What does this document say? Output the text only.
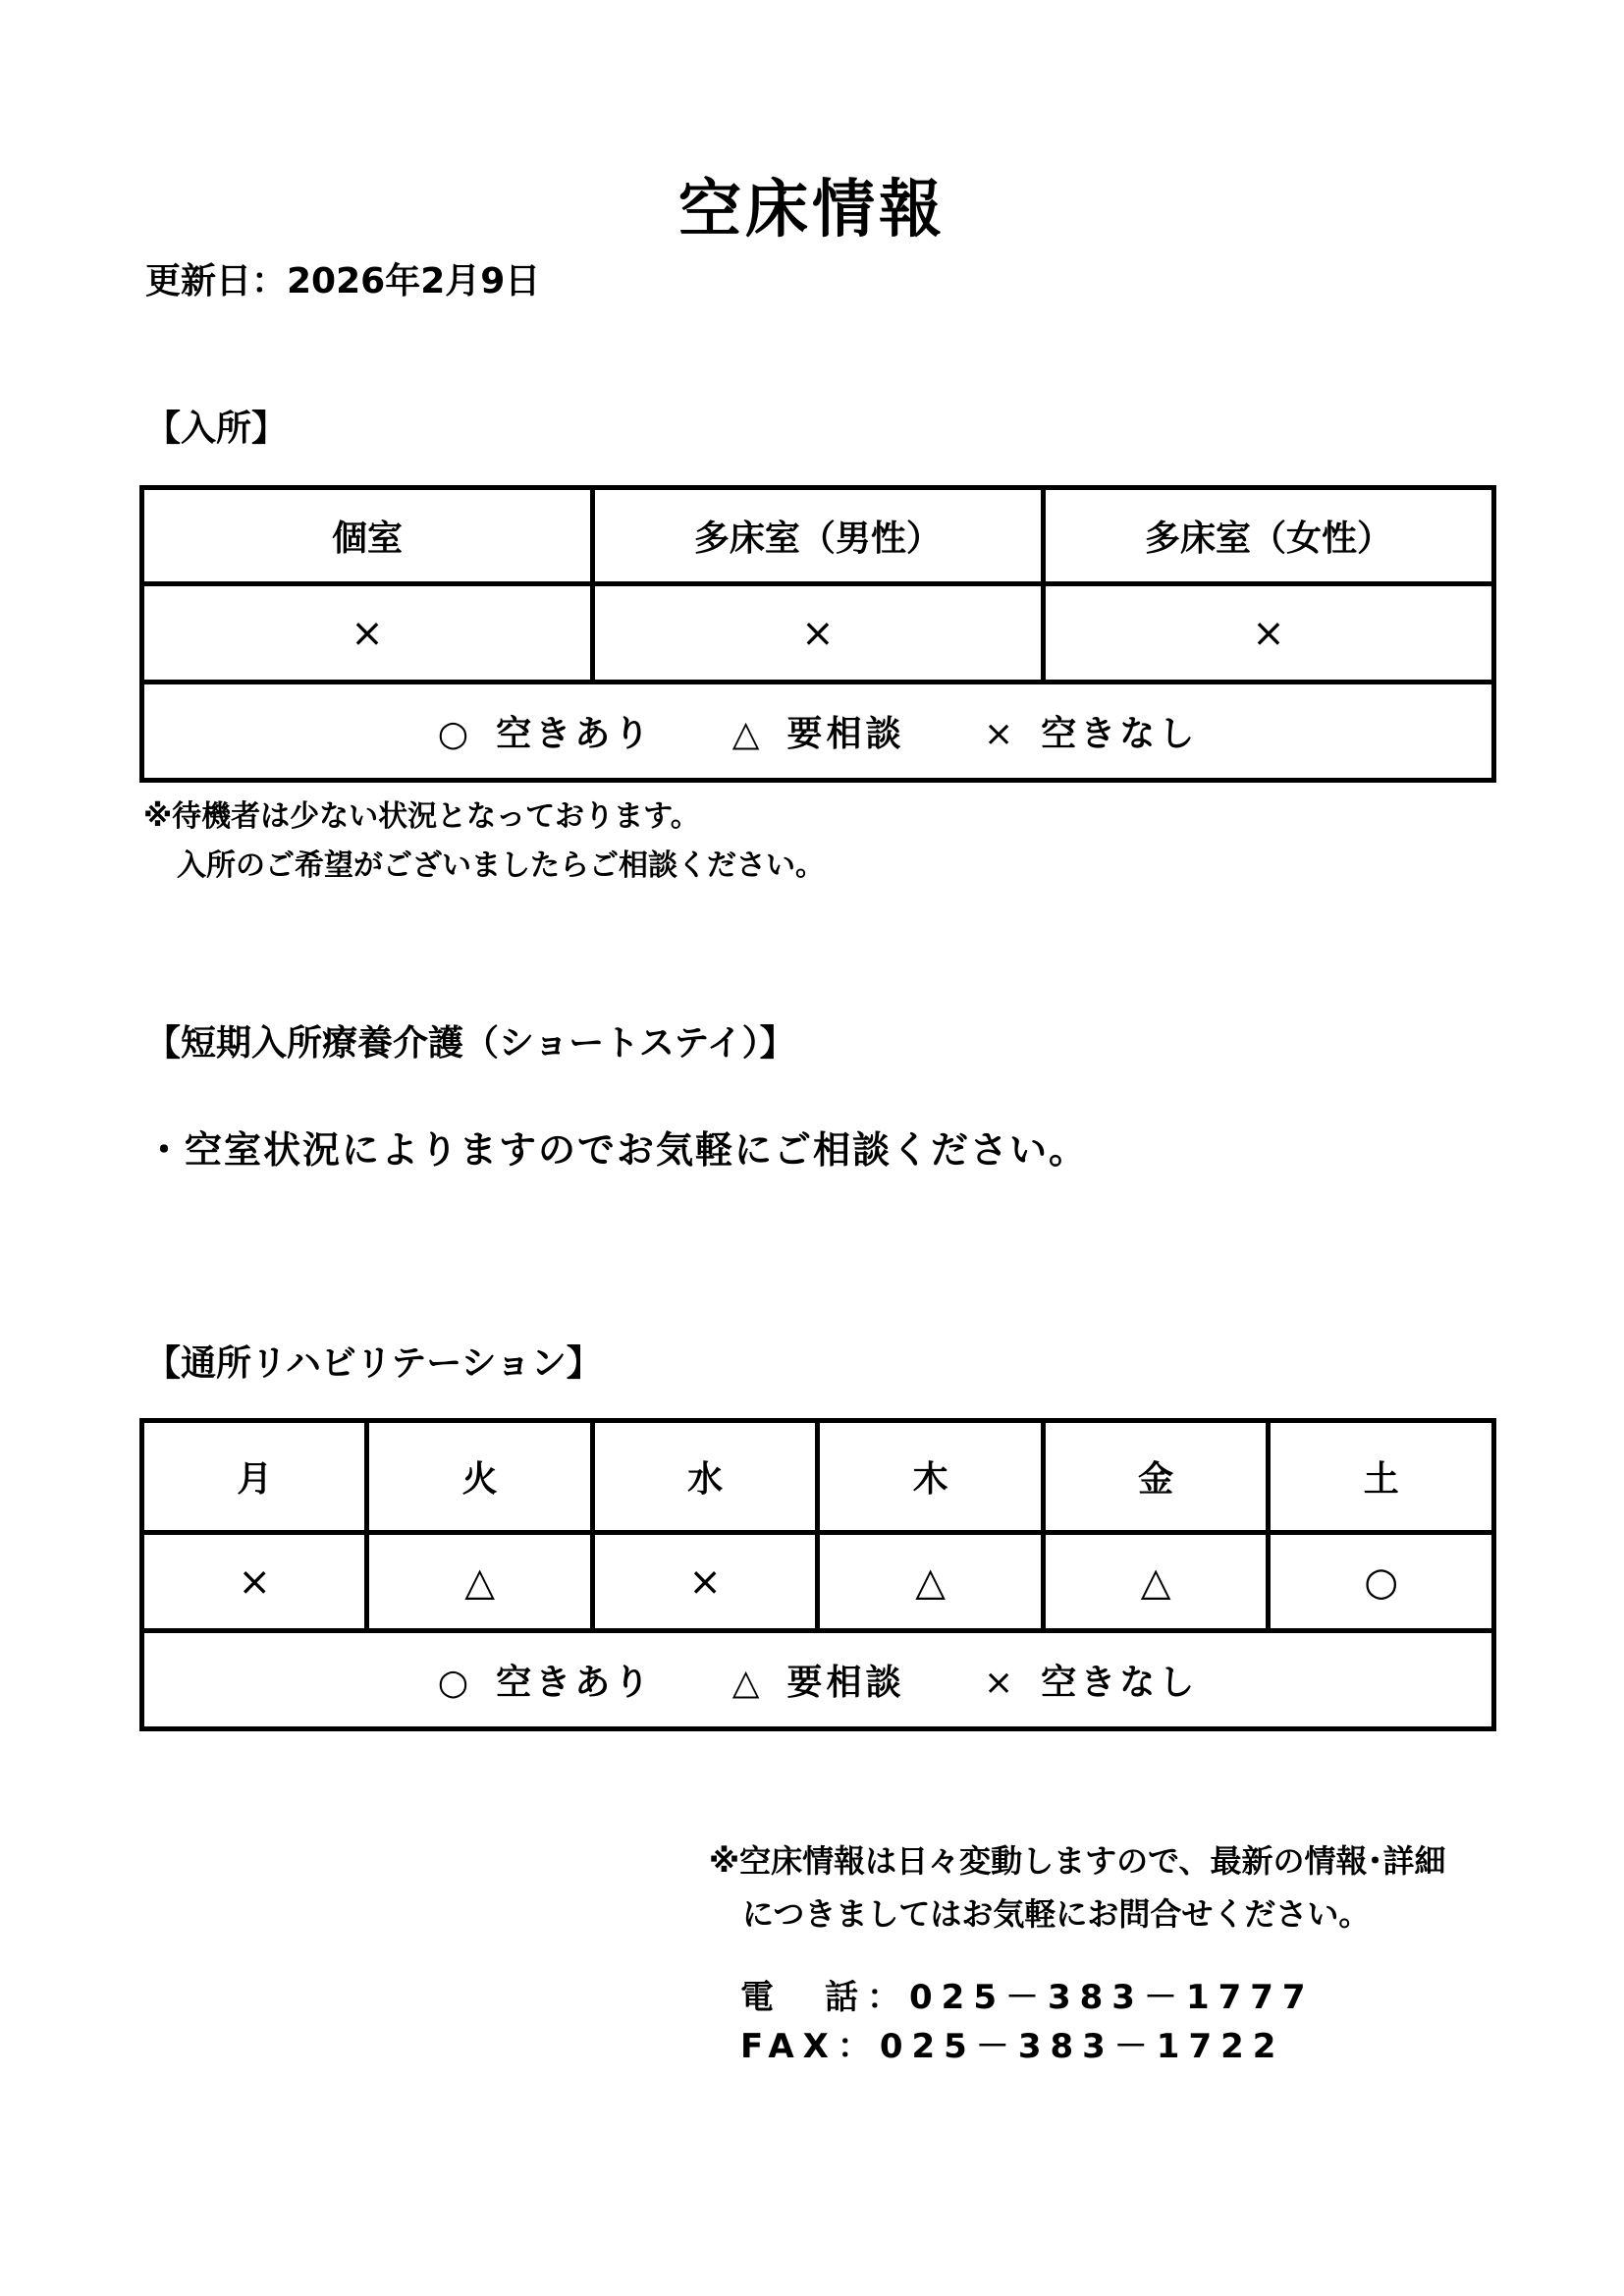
空床情報
更新日：2026年2月9日
【入所】
個室	多床室（男性）	多床室（女性）
×	×	×
○ 空きあり △ 要相談 × 空きなし		
※待機者は少ない状況となっております。
入所のご希望がございましたらご相談ください。
【短期入所療養介護（ショートステイ）】
・空室状況によりますのでお気軽にご相談ください。
【通所リハビリテーション】
月	火	水	木	金	土
×	△	×	△	△	○
○ 空きあり △ 要相談 × 空きなし					
※空床情報は日々変動しますので、最新の情報･詳細
につきましてはお気軽にお問合せください。
電　話：025－383－1777
FAX：025－383－1722
